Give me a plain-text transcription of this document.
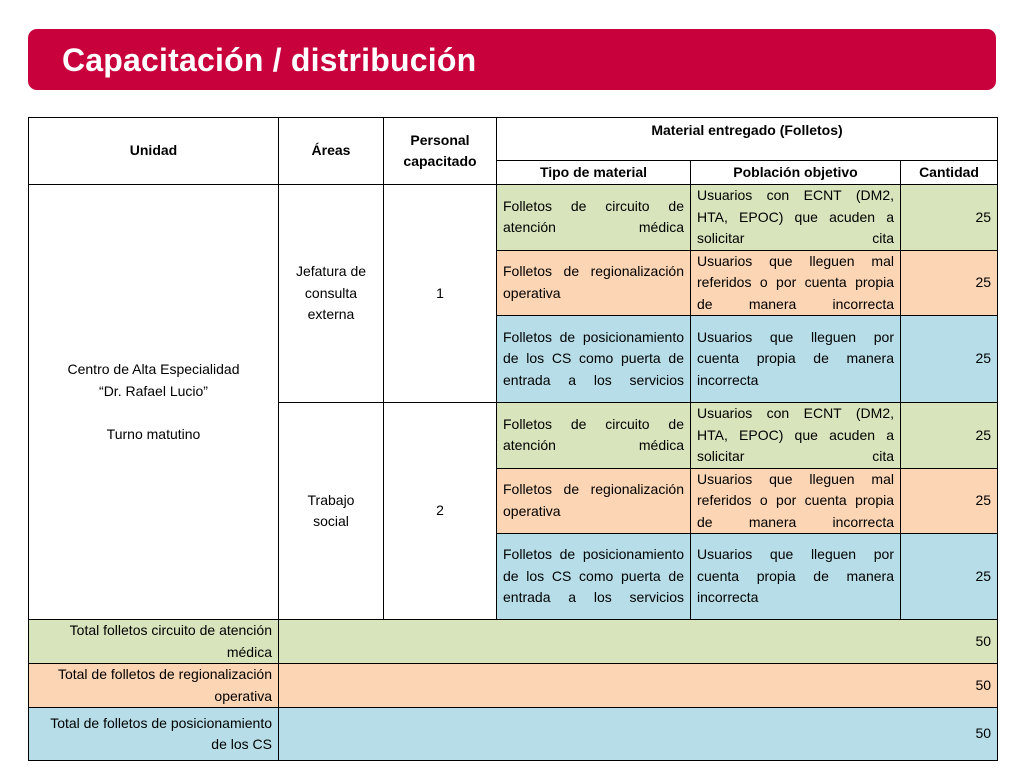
Capacitación / distribución
Unidad	Áreas	Personal capacitado	Material entregado (Folletos)		
			Tipo de material	Población objetivo	Cantidad

Centro de Alta Especialidad
“Dr. Rafael Lucio”
Turno matutino	Jefatura de consulta externa	1	Folletos de circuito de atención médica	Usuarios con ECNT (DM2, HTA, EPOC) que acuden a solicitar cita	25
			Folletos de regionalización operativa	Usuarios que lleguen mal referidos o por cuenta propia de manera incorrecta	25
			Folletos de posicionamiento de los CS como puerta de entrada a los servicios	Usuarios que lleguen por cuenta propia de manera incorrecta	25
	Trabajo social	2	Folletos de circuito de atención médica	Usuarios con ECNT (DM2, HTA, EPOC) que acuden a solicitar cita	25
			Folletos de regionalización operativa	Usuarios que lleguen mal referidos o por cuenta propia de manera incorrecta	25
			Folletos de posicionamiento de los CS como puerta de entrada a los servicios	Usuarios que lleguen por cuenta propia de manera incorrecta	25
Total folletos circuito de atención médica	50				
Total de folletos de regionalización operativa	50				
Total de folletos de posicionamiento de los CS	50				
